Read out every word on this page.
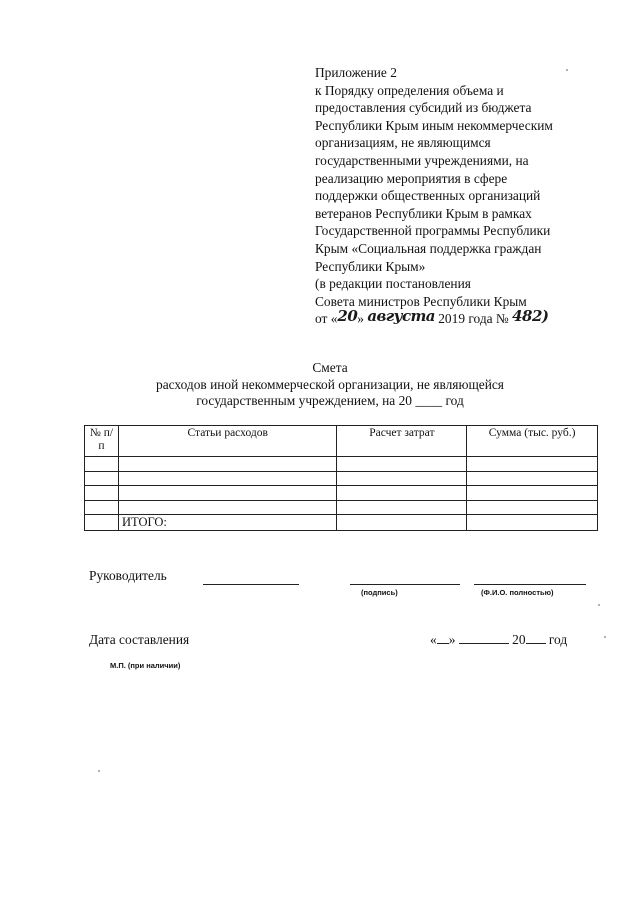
Приложение 2
к Порядку определения объема и
предоставления субсидий из бюджета
Республики Крым иным некоммерческим
организациям, не являющимся
государственными учреждениями, на
реализацию мероприятия в сфере
поддержки общественных организаций
ветеранов Республики Крым в рамках
Государственной программы Республики
Крым «Социальная поддержка граждан
Республики Крым»
(в редакции постановления
Совета министров Республики Крым
от «20» августа 2019 года № 482)
Смета
расходов иной некоммерческой организации, не являющейся
государственным учреждением, на 20 ____ год
№ п/п	Статьи расходов	Расчет затрат	Сумма (тыс. руб.)

	ИТОГО:		
Руководитель
(подпись)	(Ф.И.О. полностью)
Дата составления	« »	20 год
М.П. (при наличии)
